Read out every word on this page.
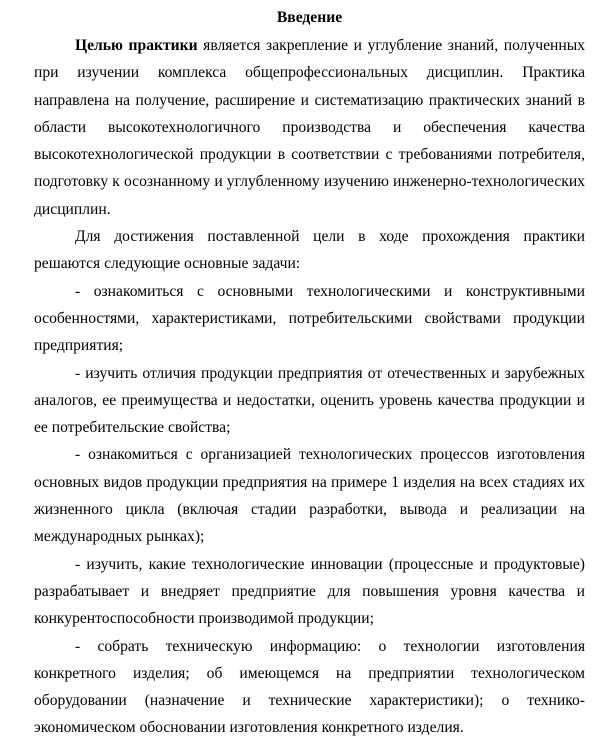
Введение

Целью практики является закрепление и углубление знаний, полученных при изучении комплекса общепрофессиональных дисциплин. Практика направлена на получение, расширение и систематизацию практических знаний в области высокотехнологичного производства и обеспечения качества высокотехнологической продукции в соответствии с требованиями потребителя, подготовку к осознанному и углубленному изучению инженерно-технологических дисциплин.

Для достижения поставленной цели в ходе прохождения практики решаются следующие основные задачи:

- ознакомиться с основными технологическими и конструктивными особенностями, характеристиками, потребительскими свойствами продукции предприятия;

- изучить отличия продукции предприятия от отечественных и зарубежных аналогов, ее преимущества и недостатки, оценить уровень качества продукции и ее потребительские свойства;

- ознакомиться с организацией технологических процессов изготовления основных видов продукции предприятия на примере 1 изделия на всех стадиях их жизненного цикла (включая стадии разработки, вывода и реализации на международных рынках);

- изучить, какие технологические инновации (процессные и продуктовые) разрабатывает и внедряет предприятие для повышения уровня качества и конкурентоспособности производимой продукции;

- собрать техническую информацию: о технологии изготовления конкретного изделия; об имеющемся на предприятии технологическом оборудовании (назначение и технические характеристики); о технико-экономическом обосновании изготовления конкретного изделия.
